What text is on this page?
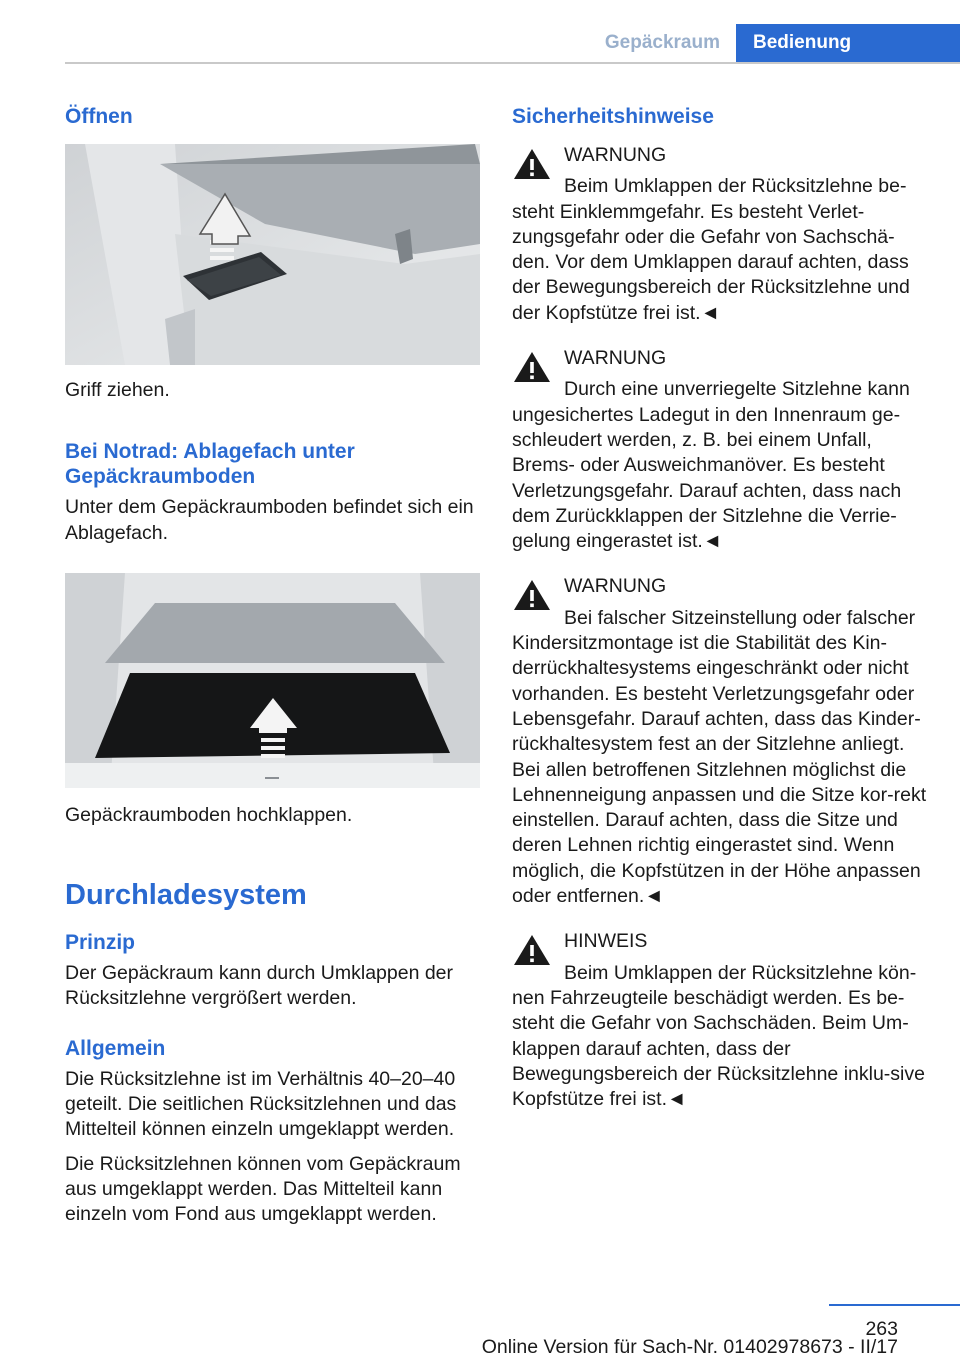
Gepäckraum	Bedienung
Öffnen
Griff ziehen.
Bei Notrad: Ablagefach unter Gepäckraumboden
Unter dem Gepäckraumboden befindet sich ein Ablagefach.
Gepäckraumboden hochklappen.
Durchladesystem
Prinzip
Der Gepäckraum kann durch Umklappen der Rücksitzlehne vergrößert werden.
Allgemein
Die Rücksitzlehne ist im Verhältnis 40–20–40 geteilt. Die seitlichen Rücksitzlehnen und das Mittelteil können einzeln umgeklappt werden.
Die Rücksitzlehnen können vom Gepäckraum aus umgeklappt werden. Das Mittelteil kann einzeln vom Fond aus umgeklappt werden.
Sicherheitshinweise
WARNUNG
Beim Umklappen der Rücksitzlehne be-
steht Einklemmgefahr. Es besteht Verlet-zungsgefahr oder die Gefahr von Sachschä-den. Vor dem Umklappen darauf achten, dass der Bewegungsbereich der Rücksitzlehne und der Kopfstütze frei ist.◄
WARNUNG
Durch eine unverriegelte Sitzlehne kann
ungesichertes Ladegut in den Innenraum ge-schleudert werden, z. B. bei einem Unfall, Brems- oder Ausweichmanöver. Es besteht Verletzungsgefahr. Darauf achten, dass nach dem Zurückklappen der Sitzlehne die Verrie-gelung eingerastet ist.◄
WARNUNG
Bei falscher Sitzeinstellung oder falscher
Kindersitzmontage ist die Stabilität des Kin-derrückhaltesystems eingeschränkt oder nicht vorhanden. Es besteht Verletzungsgefahr oder Lebensgefahr. Darauf achten, dass das Kinder-rückhaltesystem fest an der Sitzlehne anliegt. Bei allen betroffenen Sitzlehnen möglichst die Lehnenneigung anpassen und die Sitze kor-rekt einstellen. Darauf achten, dass die Sitze und deren Lehnen richtig eingerastet sind. Wenn möglich, die Kopfstützen in der Höhe anpassen oder entfernen.◄
HINWEIS
Beim Umklappen der Rücksitzlehne kön-
nen Fahrzeugteile beschädigt werden. Es be-steht die Gefahr von Sachschäden. Beim Um-klappen darauf achten, dass der Bewegungsbereich der Rücksitzlehne inklu-sive Kopfstütze frei ist.◄
263
Online Version für Sach-Nr. 01402978673 - II/17
